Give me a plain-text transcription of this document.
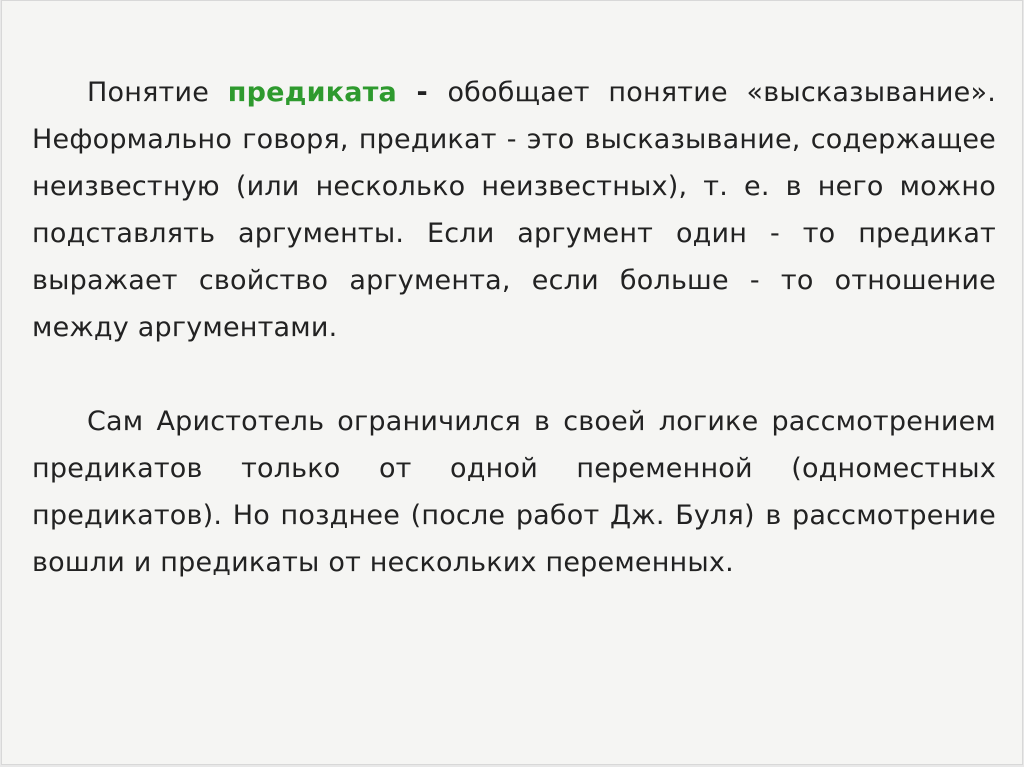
Понятие предиката - обобщает понятие «высказывание». Неформально говоря, предикат - это высказывание, содержащее неизвестную (или несколько неизвестных), т. е. в него можно подставлять аргументы. Если аргумент один - то предикат выражает свойство аргумента, если больше - то отношение между аргументами.

Сам Аристотель ограничился в своей логике рассмотрением предикатов только от одной переменной (одноместных предикатов). Но позднее (после работ Дж. Буля) в рассмотрение вошли и предикаты от нескольких переменных.
